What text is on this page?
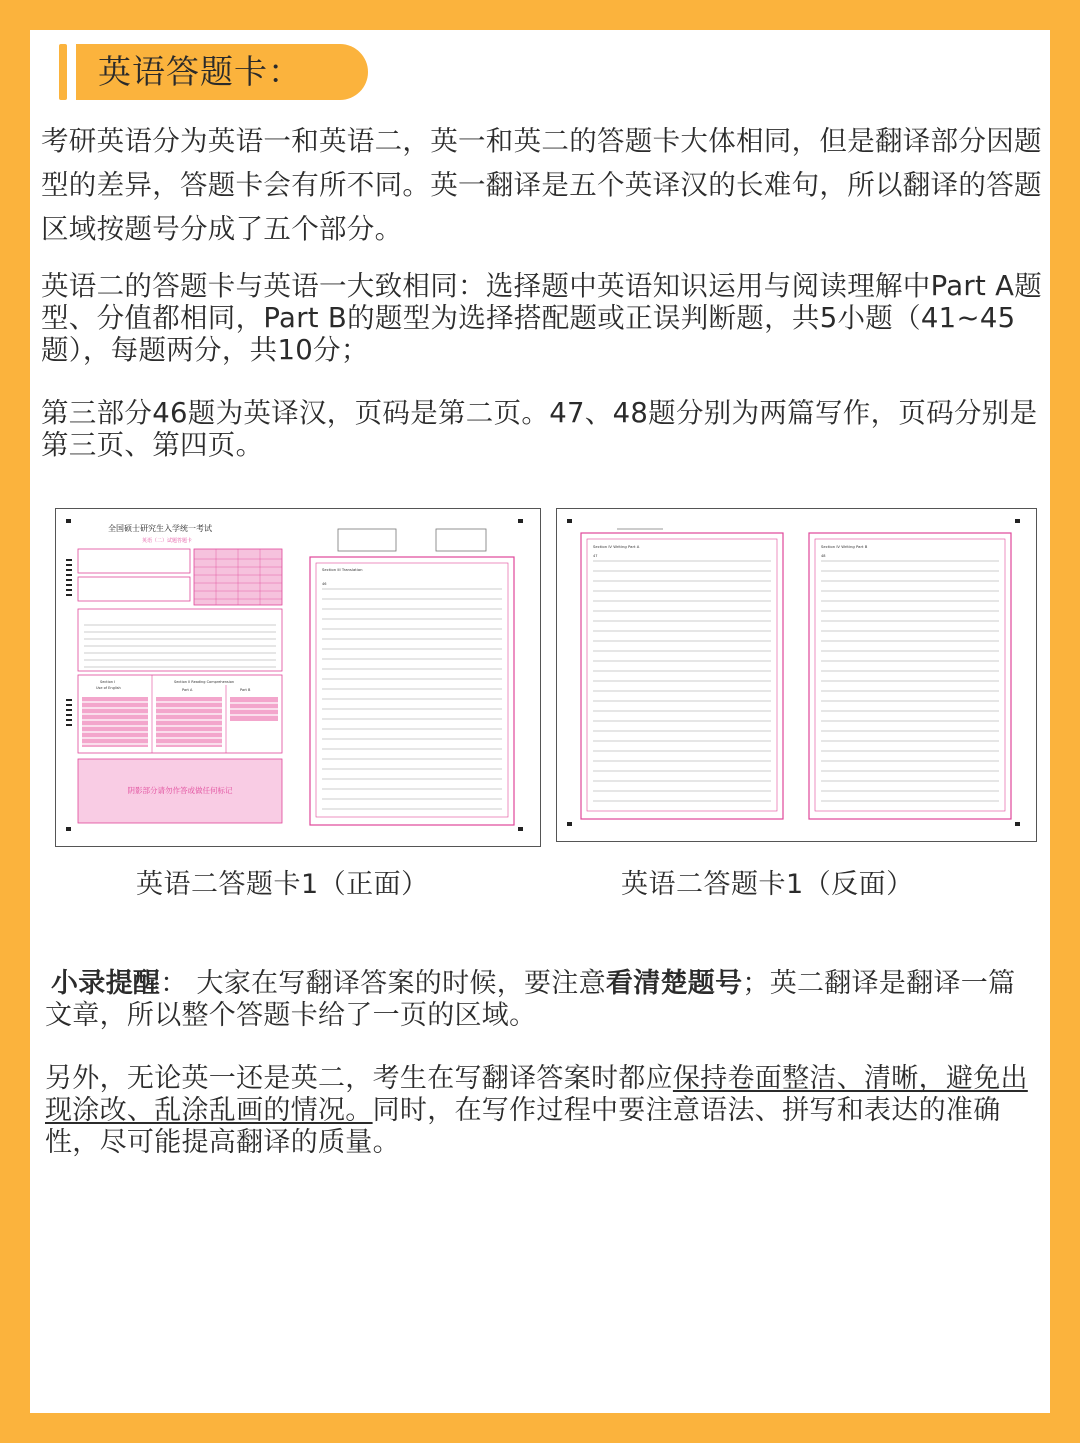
英语答题卡：

考研英语分为英语一和英语二，英一和英二的答题卡大体相同，但是翻译部分因题型的差异，答题卡会有所不同。英一翻译是五个英译汉的长难句，所以翻译的答题区域按题号分成了五个部分。

英语二的答题卡与英语一大致相同：选择题中英语知识运用与阅读理解中Part A题型、分值都相同，Part B的题型为选择搭配题或正误判断题，共5小题（41~45题），每题两分，共10分；

第三部分46题为英译汉，页码是第二页。47、48题分别为两篇写作，页码分别是第三页、第四页。

全国硕士研究生入学统一考试
英语（二）试题答题卡
Section I
Use of English
Section II Reading Comprehension
Part A	Part B
阴影部分请勿作答或做任何标记
Section III Translation
46
Section IV Writing Part A
47
Section IV Writing Part B
48
英语二答题卡1（正面）	英语二答题卡1（反面）

小录提醒： 大家在写翻译答案的时候，要注意看清楚题号；英二翻译是翻译一篇文章，所以整个答题卡给了一页的区域。

另外，无论英一还是英二，考生在写翻译答案时都应保持卷面整洁、清晰，避免出现涂改、乱涂乱画的情况。同时，在写作过程中要注意语法、拼写和表达的准确性，尽可能提高翻译的质量。
